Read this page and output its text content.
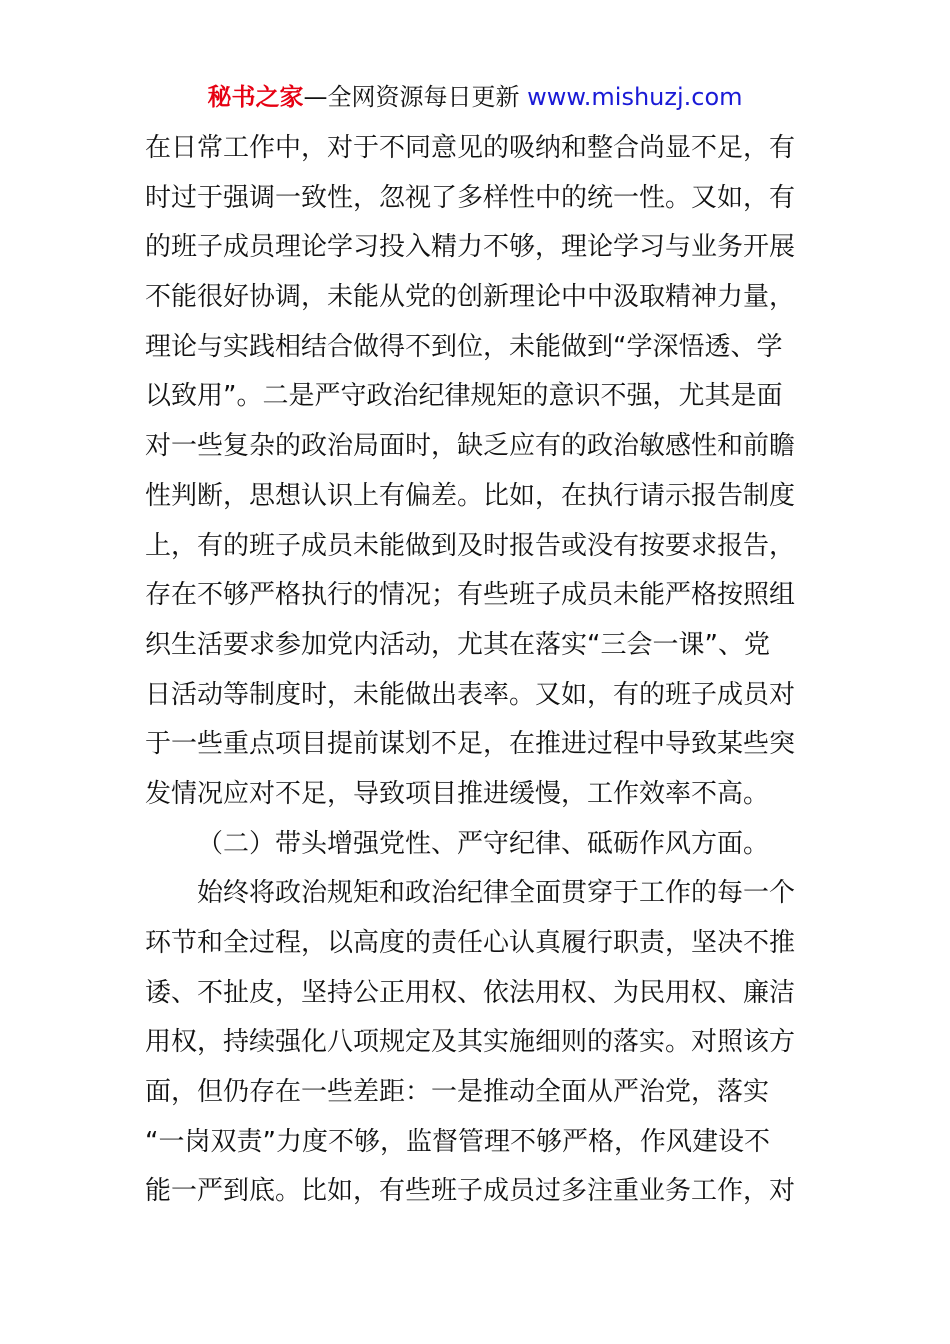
秘书之家—全网资源每日更新 www.mishuzj.com
在日常工作中，对于不同意见的吸纳和整合尚显不足，有
时过于强调一致性，忽视了多样性中的统一性。又如，有
的班子成员理论学习投入精力不够，理论学习与业务开展
不能很好协调，未能从党的创新理论中中汲取精神力量，
理论与实践相结合做得不到位，未能做到“学深悟透、学
以致用”。二是严守政治纪律规矩的意识不强，尤其是面
对一些复杂的政治局面时，缺乏应有的政治敏感性和前瞻
性判断，思想认识上有偏差。比如，在执行请示报告制度
上，有的班子成员未能做到及时报告或没有按要求报告，
存在不够严格执行的情况；有些班子成员未能严格按照组
织生活要求参加党内活动，尤其在落实“三会一课”、党
日活动等制度时，未能做出表率。又如，有的班子成员对
于一些重点项目提前谋划不足，在推进过程中导致某些突
发情况应对不足，导致项目推进缓慢，工作效率不高。
（二）带头增强党性、严守纪律、砥砺作风方面。
始终将政治规矩和政治纪律全面贯穿于工作的每一个
环节和全过程，以高度的责任心认真履行职责，坚决不推
诿、不扯皮，坚持公正用权、依法用权、为民用权、廉洁
用权，持续强化八项规定及其实施细则的落实。对照该方
面，但仍存在一些差距：一是推动全面从严治党，落实
“一岗双责”力度不够，监督管理不够严格，作风建设不
能一严到底。比如，有些班子成员过多注重业务工作，对
